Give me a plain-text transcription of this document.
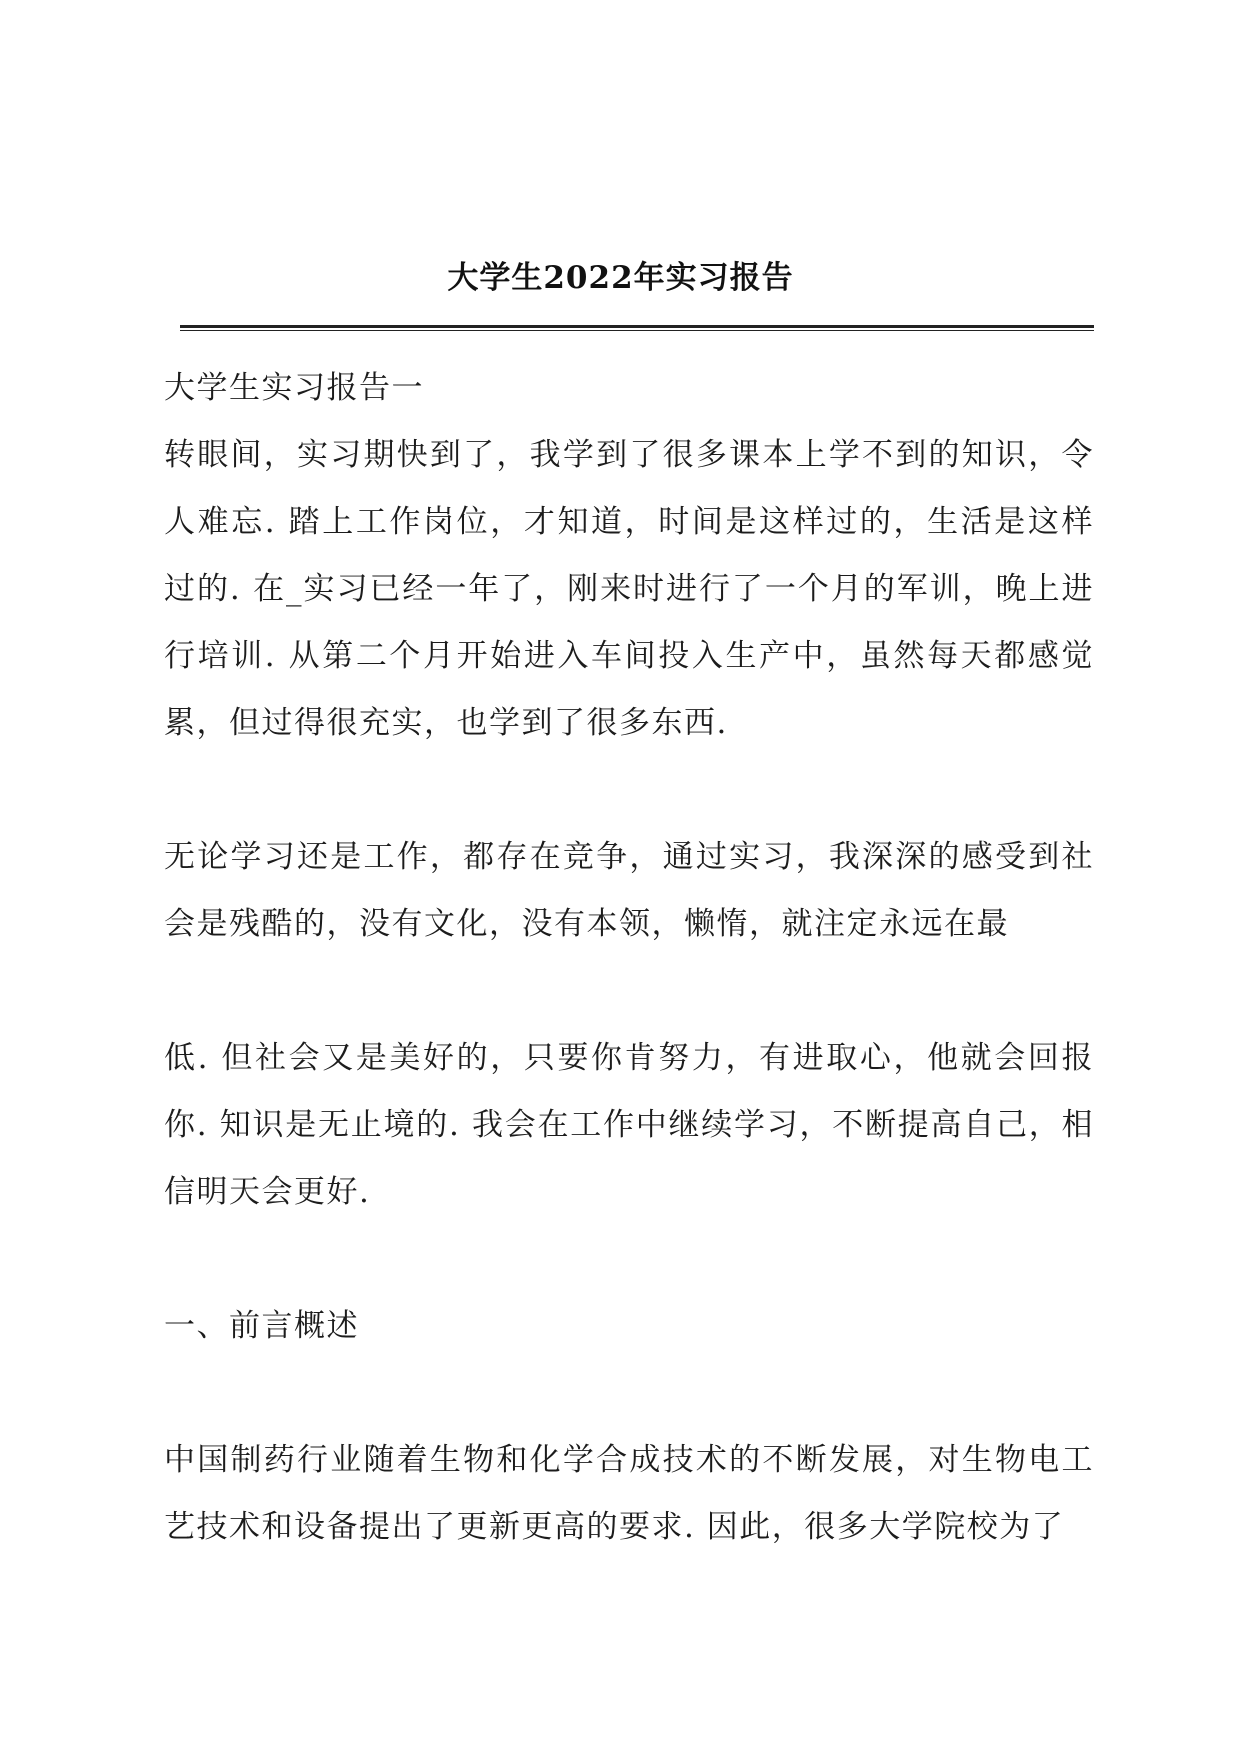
大学生2022年实习报告

大学生实习报告一

转眼间，实习期快到了，我学到了很多课本上学不到的知识，令人难忘. 踏上工作岗位，才知道，时间是这样过的，生活是这样过的. 在_实习已经一年了，刚来时进行了一个月的军训，晚上进行培训. 从第二个月开始进入车间投入生产中，虽然每天都感觉累，但过得很充实，也学到了很多东西.

无论学习还是工作，都存在竞争，通过实习，我深深的感受到社会是残酷的，没有文化，没有本领，懒惰，就注定永远在最

低. 但社会又是美好的，只要你肯努力，有进取心，他就会回报你. 知识是无止境的. 我会在工作中继续学习，不断提高自己，相信明天会更好.

一、前言概述

中国制药行业随着生物和化学合成技术的不断发展，对生物电工艺技术和设备提出了更新更高的要求. 因此，很多大学院校为了
